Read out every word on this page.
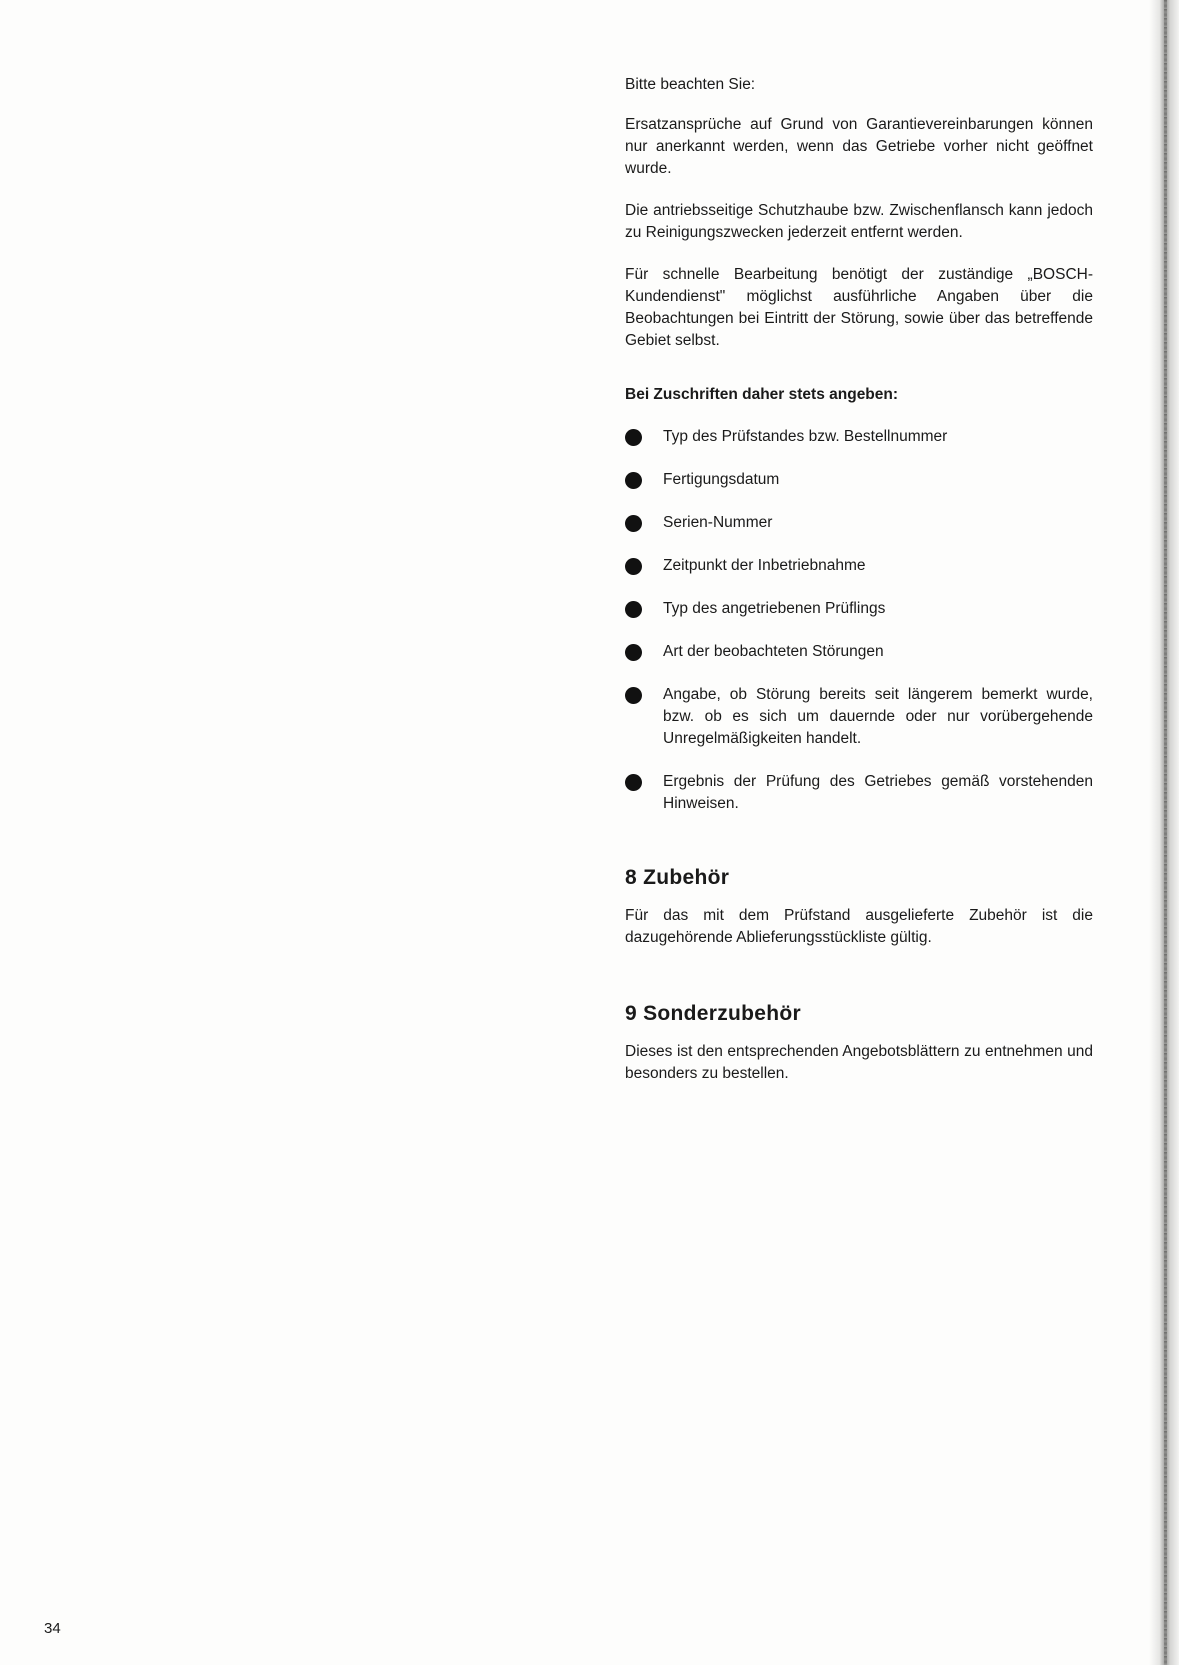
Bitte beachten Sie:

Ersatzansprüche auf Grund von Garantievereinbarungen können nur anerkannt werden, wenn das Getriebe vorher nicht geöffnet wurde.

Die antriebsseitige Schutzhaube bzw. Zwischenflansch kann jedoch zu Reinigungszwecken jederzeit entfernt werden.

Für schnelle Bearbeitung benötigt der zuständige „BOSCH-Kundendienst" möglichst ausführliche Angaben über die Beobachtungen bei Eintritt der Störung, sowie über das betreffende Gebiet selbst.

Bei Zuschriften daher stets angeben:
Typ des Prüfstandes bzw. Bestellnummer
Fertigungsdatum
Serien-Nummer
Zeitpunkt der Inbetriebnahme
Typ des angetriebenen Prüflings
Art der beobachteten Störungen
Angabe, ob Störung bereits seit längerem bemerkt wurde, bzw. ob es sich um dauernde oder nur vorübergehende Unregelmäßigkeiten handelt.
Ergebnis der Prüfung des Getriebes gemäß vorstehenden Hinweisen.
8 Zubehör

Für das mit dem Prüfstand ausgelieferte Zubehör ist die dazugehörende Ablieferungsstückliste gültig.

9 Sonderzubehör

Dieses ist den entsprechenden Angebotsblättern zu entnehmen und besonders zu bestellen.

34
